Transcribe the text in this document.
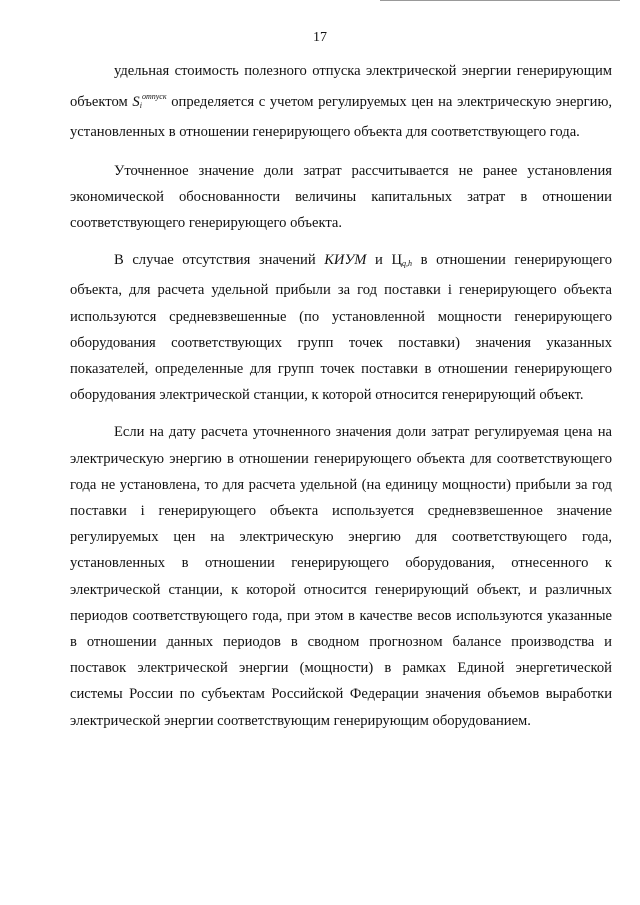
17

удельная стоимость полезного отпуска электрической энергии генерирующим объектом $S_i^{отпуск}$ определяется с учетом регулируемых цен на электрическую энергию, установленных в отношении генерирующего объекта для соответствующего года.

Уточненное значение доли затрат рассчитывается не ранее установления экономической обоснованности величины капитальных затрат в отношении соответствующего генерирующего объекта.

В случае отсутствия значений КИУМ и $Ц_{q,h}$ в отношении генерирующего объекта, для расчета удельной прибыли за год поставки i генерирующего объекта используются средневзвешенные (по установленной мощности генерирующего оборудования соответствующих групп точек поставки) значения указанных показателей, определенные для групп точек поставки в отношении генерирующего оборудования электрической станции, к которой относится генерирующий объект.

Если на дату расчета уточненного значения доли затрат регулируемая цена на электрическую энергию в отношении генерирующего объекта для соответствующего года не установлена, то для расчета удельной (на единицу мощности) прибыли за год поставки i генерирующего объекта используется средневзвешенное значение регулируемых цен на электрическую энергию для соответствующего года, установленных в отношении генерирующего оборудования, отнесенного к электрической станции, к которой относится генерирующий объект, и различных периодов соответствующего года, при этом в качестве весов используются указанные в отношении данных периодов в сводном прогнозном балансе производства и поставок электрической энергии (мощности) в рамках Единой энергетической системы России по субъектам Российской Федерации значения объемов выработки электрической энергии соответствующим генерирующим оборудованием.
